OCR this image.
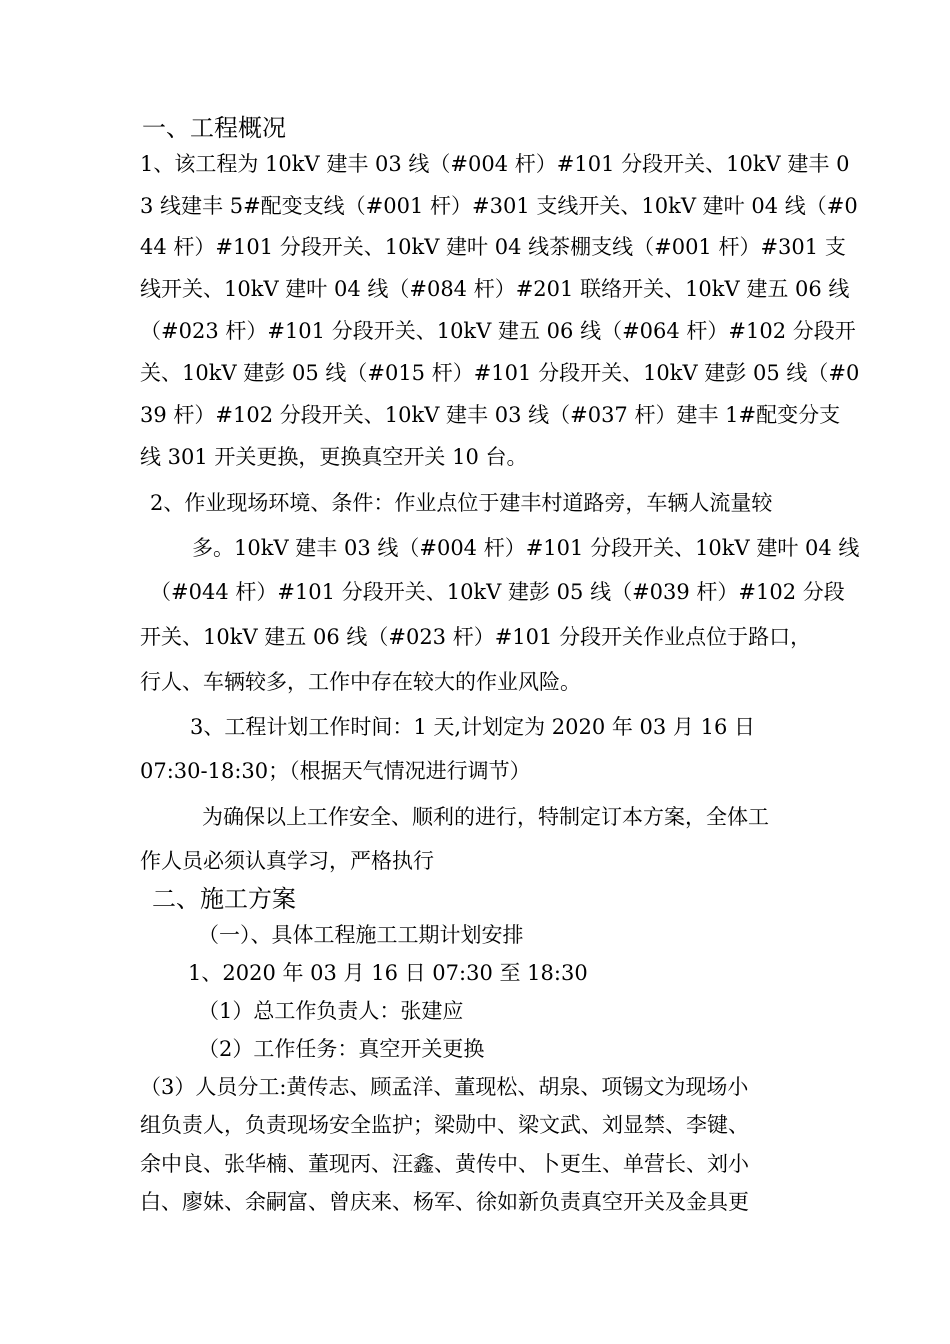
一、工程概况
1、该工程为 10kV 建丰 03 线（#004 杆）#101 分段开关、10kV 建丰 0
3 线建丰 5#配变支线（#001 杆）#301 支线开关、10kV 建叶 04 线（#0
44 杆）#101 分段开关、10kV 建叶 04 线茶棚支线（#001 杆）#301 支
线开关、10kV 建叶 04 线（#084 杆）#201 联络开关、10kV 建五 06 线
（#023 杆）#101 分段开关、10kV 建五 06 线（#064 杆）#102 分段开
关、10kV 建彭 05 线（#015 杆）#101 分段开关、10kV 建彭 05 线（#0
39 杆）#102 分段开关、10kV 建丰 03 线（#037 杆）建丰 1#配变分支
线 301 开关更换，更换真空开关 10 台。
2、作业现场环境、条件：作业点位于建丰村道路旁，车辆人流量较
多。10kV 建丰 03 线（#004 杆）#101 分段开关、10kV 建叶 04 线
（#044 杆）#101 分段开关、10kV 建彭 05 线（#039 杆）#102 分段
开关、10kV 建五 06 线（#023 杆）#101 分段开关作业点位于路口，
行人、车辆较多，工作中存在较大的作业风险。
3、工程计划工作时间：1 天,计划定为 2020 年 03 月 16 日
07:30-18:30；（根据天气情况进行调节）
为确保以上工作安全、顺利的进行，特制定订本方案，全体工
作人员必须认真学习，严格执行
二、施工方案
（一）、具体工程施工工期计划安排
1、2020 年 03 月 16 日 07:30 至 18:30
（1）总工作负责人：张建应
（2）工作任务：真空开关更换
（3）人员分工:黄传志、顾孟洋、董现松、胡泉、项锡文为现场小
组负责人，负责现场安全监护；梁勋中、梁文武、刘显禁、李键、
余中良、张华楠、董现丙、汪鑫、黄传中、卜更生、单营长、刘小
白、廖妹、余嗣富、曾庆来、杨军、徐如新负责真空开关及金具更
